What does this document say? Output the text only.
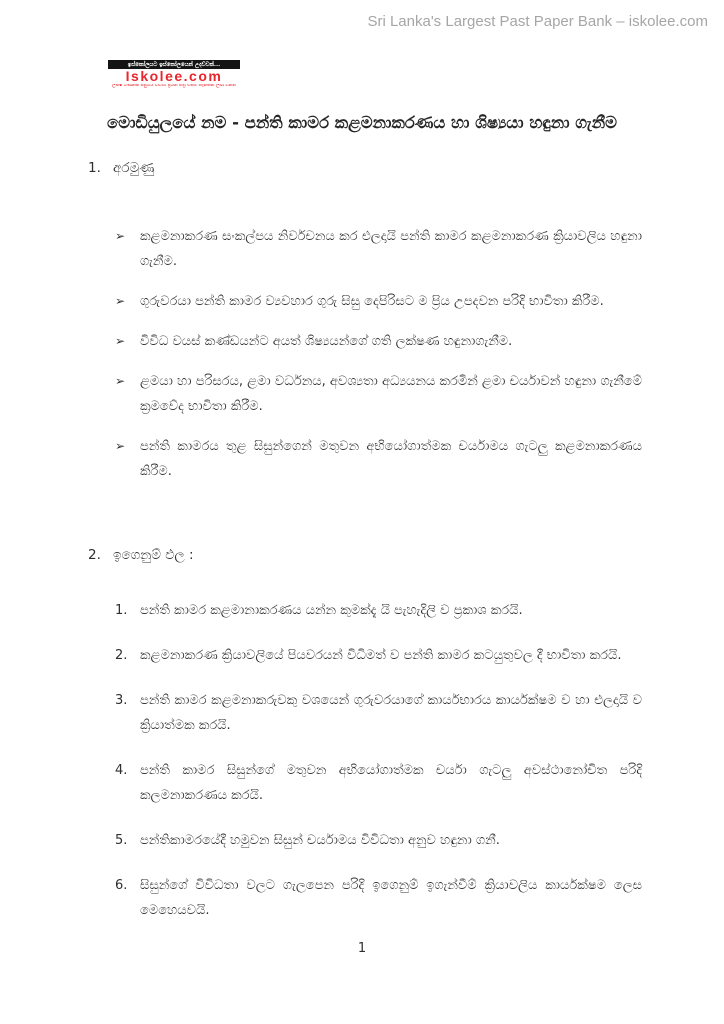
Sri Lanka's Largest Past Paper Bank – iskolee.com
ඉස්කෝලයට ඉස්කෝලයෙන් උදව්වක්...
Iskolee.com
ලක්ෂ ගණනක් පසුගිය විභාග ප්‍රශ්න පත්‍ර එකම තැනකින් ලබා ගන්න
මොඩියුලයේ නම - පන්ති කාමර කළමනාකරණය හා ශිෂ්‍යයා හඳුනා ගැනීම
1. අරමුණු
➢	කළමනාකරණ සංකල්පය නිර්වචනය කර එලදායි පන්ති කාමර කළමනාකරණ ක්‍රියාවලිය හඳුනා ගැනීම.

➢	ගුරුවරයා පන්ති කාමර ව්‍යවහාර ගුරු සිසු දෙපිරිසට ම ප්‍රිය උපදවන පරිදි භාවිතා කිරීම.

➢	විවිධ වයස් කණ්ඩයන්ට අයත් ශිෂ්‍යයන්ගේ ගති ලක්ෂණ හඳුනාගැනීම.

➢	ළමයා හා පරිසරය, ළමා වර්ධනය, අවශ්‍යතා අධ්‍යයනය කරමින් ළමා චර්යාවන් හඳුනා ගැනීමේ ක්‍රමවේද භාවිතා කිරීම.

➢	පන්ති කාමරය තුළ සිසුන්ගෙන් මතුවන අභියෝගාත්මක චර්යාමය ගැටලු කළමනාකරණය කිරීම.

2. ඉගෙනුම් ඵල :
1. පන්ති කාමර කළමානාකරණය යන්න කුමක්දැ යි පැහැදිලි ව ප්‍රකාශ කරයි.

2. කළමනාකරණ ක්‍රියාවලියේ පියවරයන් විධිමත් ව පන්ති කාමර කටයුතුවල දී භාවිතා කරයි.

3. පන්ති කාමර කළමනාකරුවකු වශයෙන් ගුරුවරයාගේ කාර්යභාරය කාර්යක්ෂම ව හා එලදායි ව ක්‍රියාත්මක කරයි.

4. පන්ති කාමර සිසුන්ගේ මතුවන අභියෝගාත්මක චර්යා ගැටලු අවස්ථානෝචිත පරිදි කලමනාකරණය කරයි.

5. පන්තිකාමරයේදී හමුවන සිසුන් චර්යාමය විවිධතා අනුව හඳුනා ගනී.

6. සිසුන්ගේ විවිධතා වලට ගැලපෙන පරිදි ඉගෙනුම් ඉගැන්වීම් ක්‍රියාවලිය කාර්යක්ෂම ලෙස මෙහෙයවයි.

1
